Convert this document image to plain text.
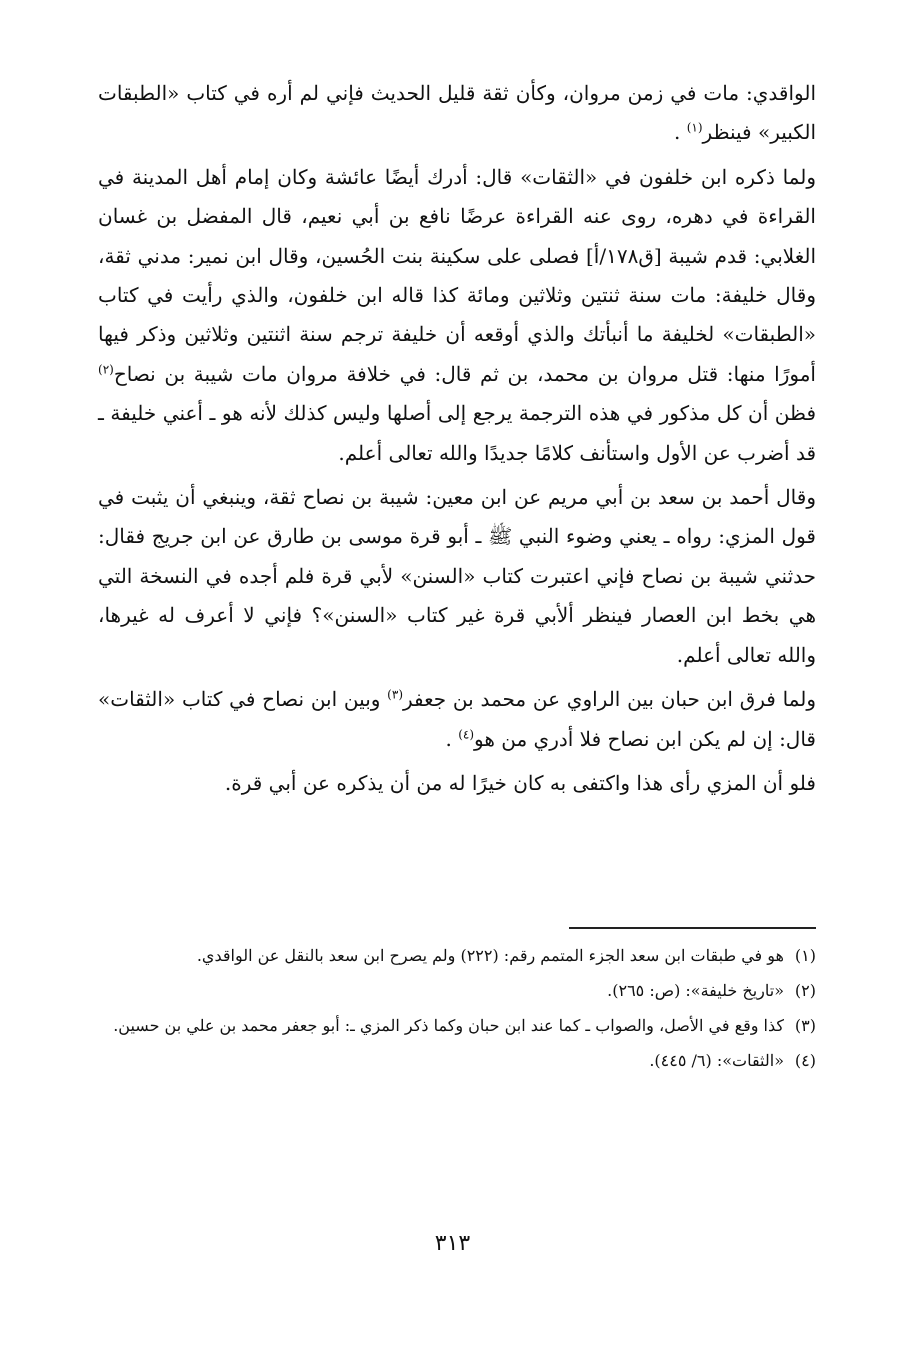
الواقدي: مات في زمن مروان، وكأن ثقة قليل الحديث فإني لم أره في كتاب «الطبقات الكبير» فينظر$^{(١)}$ .

ولما ذكره ابن خلفون في «الثقات» قال: أدرك أيضًا عائشة وكان إمام أهل المدينة في القراءة في دهره، روى عنه القراءة عرضًا نافع بن أبي نعيم، قال المفضل بن غسان الغلابي: قدم شيبة [ق١٧٨/أ] فصلى على سكينة بنت الحُسين، وقال ابن نمير: مدني ثقة، وقال خليفة: مات سنة ثنتين وثلاثين ومائة كذا قاله ابن خلفون، والذي رأيت في كتاب «الطبقات» لخليفة ما أنبأتك والذي أوقعه أن خليفة ترجم سنة اثنتين وثلاثين وذكر فيها أمورًا منها: قتل مروان بن محمد، بن ثم قال: في خلافة مروان مات شيبة بن نصاح$^{(٢)}$ فظن أن كل مذكور في هذه الترجمة يرجع إلى أصلها وليس كذلك لأنه هو ـ أعني خليفة ـ قد أضرب عن الأول واستأنف كلامًا جديدًا والله تعالى أعلم.

وقال أحمد بن سعد بن أبي مريم عن ابن معين: شيبة بن نصاح ثقة، وينبغي أن يثبت في قول المزي: رواه ـ يعني وضوء النبي ﷺ ـ أبو قرة موسى بن طارق عن ابن جريج فقال: حدثني شيبة بن نصاح فإني اعتبرت كتاب «السنن» لأبي قرة فلم أجده في النسخة التي هي بخط ابن العصار فينظر ألأبي قرة غير كتاب «السنن»؟ فإني لا أعرف له غيرها، والله تعالى أعلم.

ولما فرق ابن حبان بين الراوي عن محمد بن جعفر$^{(٣)}$ وبين ابن نصاح في كتاب «الثقات» قال: إن لم يكن ابن نصاح فلا أدري من هو$^{(٤)}$ .

فلو أن المزي رأى هذا واكتفى به كان خيرًا له من أن يذكره عن أبي قرة.

(١)
هو في طبقات ابن سعد الجزء المتمم رقم: (٢٢٢) ولم يصرح ابن سعد بالنقل عن الواقدي.
(٢)
«تاريخ خليفة»: (ص: ٢٦٥).
(٣)
كذا وقع في الأصل، والصواب ـ كما عند ابن حبان وكما ذكر المزي ـ: أبو جعفر محمد بن علي بن حسين.
(٤)
«الثقات»: (٦/ ٤٤٥).
٣١٣
